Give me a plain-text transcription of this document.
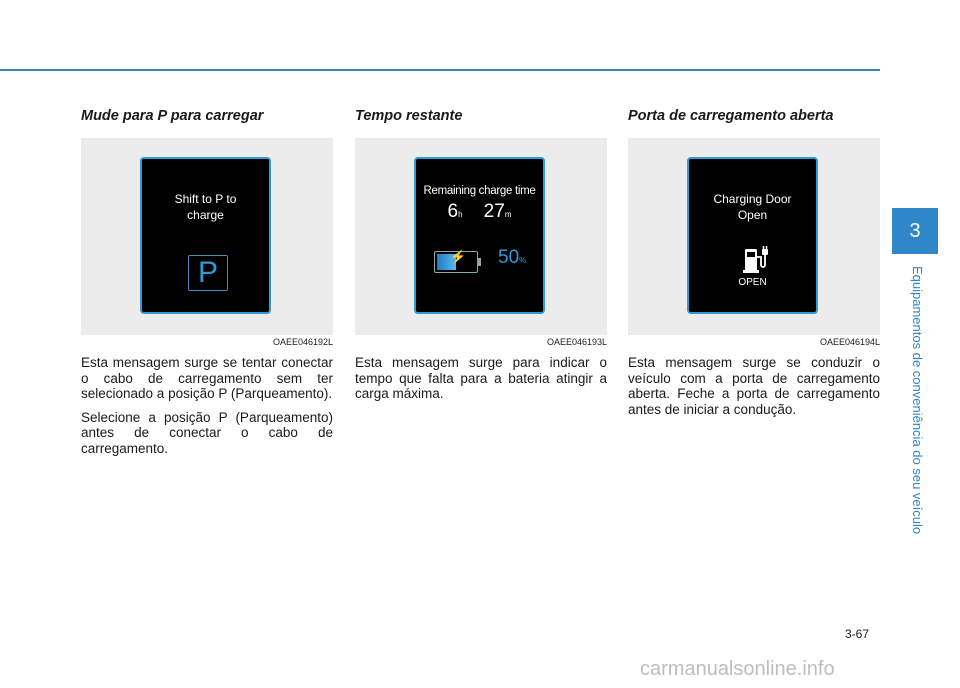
Mude para P para carregar
Shift to P to charge
P
OAEE046192L

Esta mensagem surge se tentar conectar o cabo de carregamento sem ter selecionado a posição P (Parqueamento).

Selecione a posição P (Parqueamento) antes de conectar o cabo de carregamento.

Tempo restante
Remaining charge time
6h 27m
⚡ 50%
OAEE046193L

Esta mensagem surge para indicar o tempo que falta para a bateria atingir a carga máxima.

Porta de carregamento aberta
Charging Door Open
OPEN
OAEE046194L

Esta mensagem surge se conduzir o veículo com a porta de carregamento aberta. Feche a porta de carregamento antes de iniciar a condução.

3
Equipamentos de conveniência do seu veículo
3-67
carmanualsonline.info
